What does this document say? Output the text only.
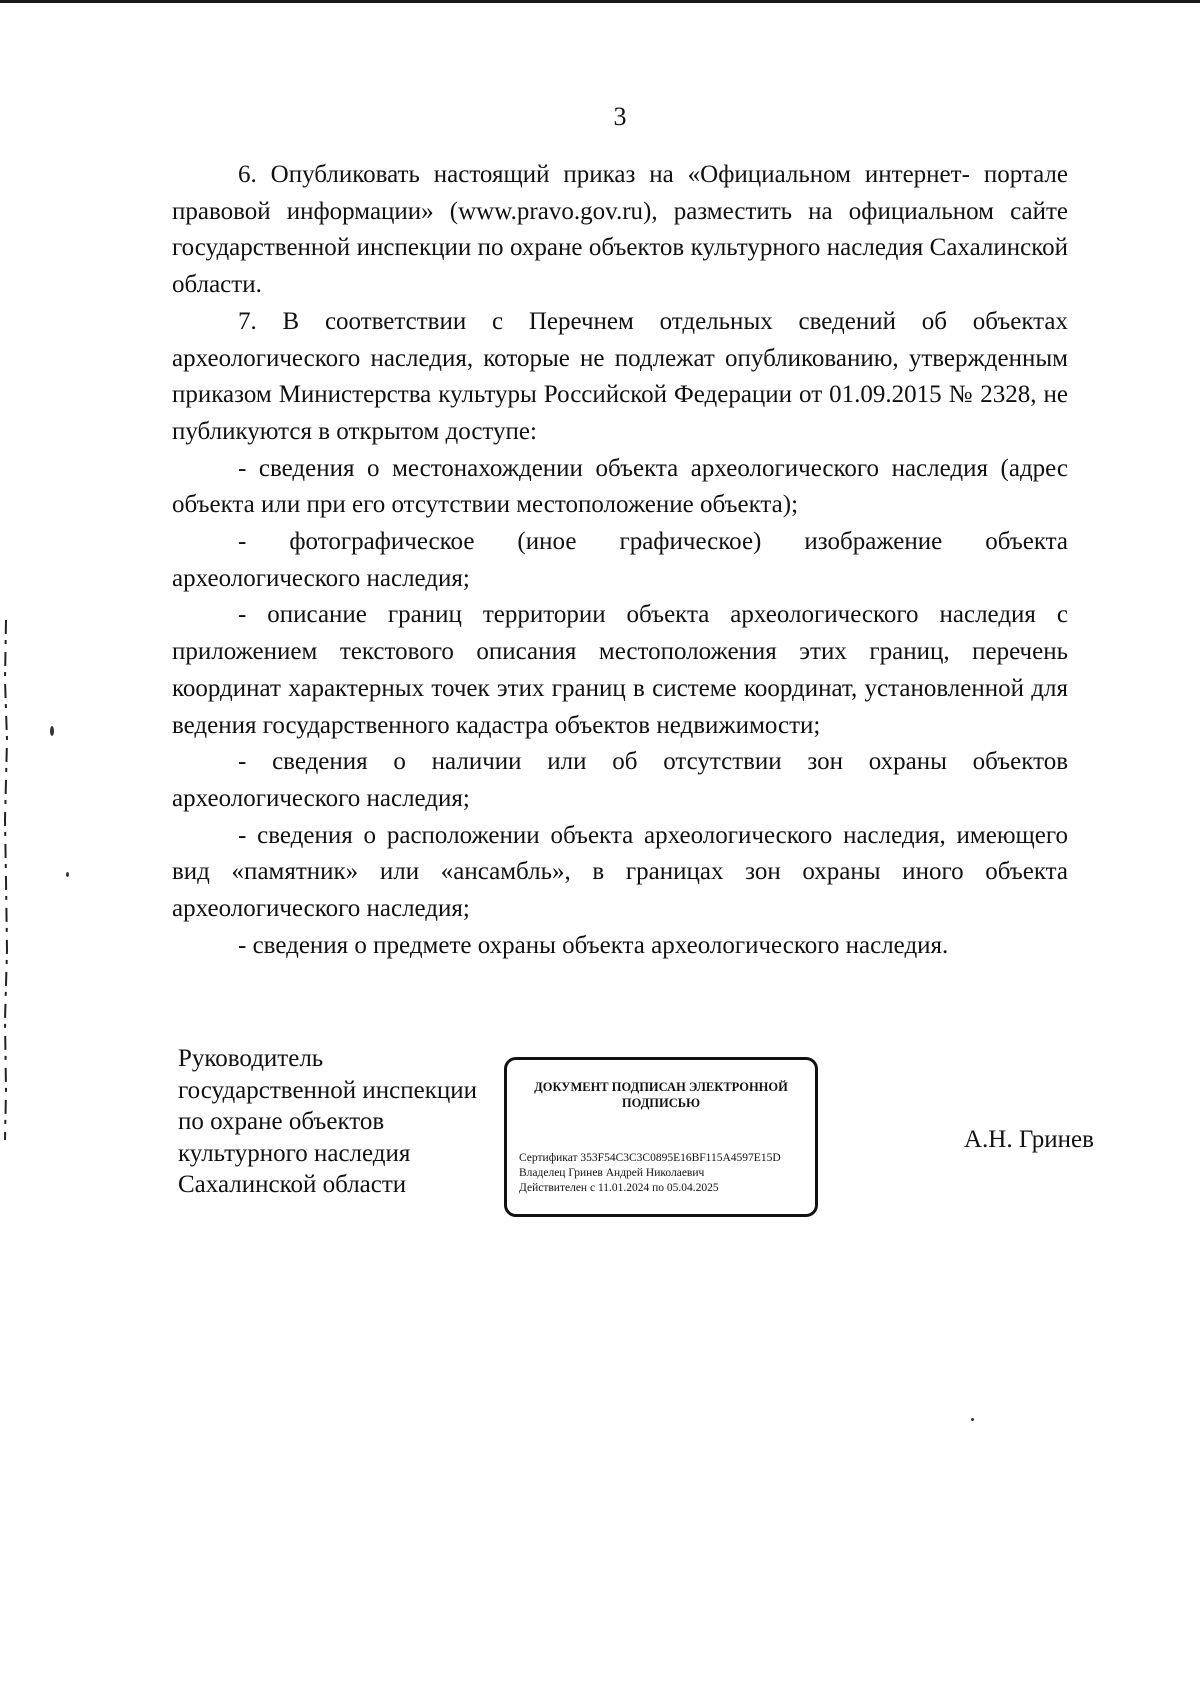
3

6. Опубликовать настоящий приказ на «Официальном интернет- портале правовой информации» (www.pravo.gov.ru), разместить на официальном сайте государственной инспекции по охране объектов культурного наследия Сахалинской области.

7. В соответствии с Перечнем отдельных сведений об объектах археологического наследия, которые не подлежат опубликованию, утвержденным приказом Министерства культуры Российской Федерации от 01.09.2015 № 2328, не публикуются в открытом доступе:

- сведения о местонахождении объекта археологического наследия (адрес объекта или при его отсутствии местоположение объекта);

- фотографическое (иное графическое) изображение объекта археологического наследия;

- описание границ территории объекта археологического наследия с приложением текстового описания местоположения этих границ, перечень координат характерных точек этих границ в системе координат, установленной для ведения государственного кадастра объектов недвижимости;

- сведения о наличии или об отсутствии зон охраны объектов археологического наследия;

- сведения о расположении объекта археологического наследия, имеющего вид «памятник» или «ансамбль», в границах зон охраны иного объекта археологического наследия;

- сведения о предмете охраны объекта археологического наследия.

Руководитель государственной инспекции по охране объектов культурного наследия Сахалинской области

ДОКУМЕНТ ПОДПИСАН ЭЛЕКТРОННОЙ ПОДПИСЬЮ
Сертификат 353F54C3C3C0895E16BF115A4597E15D
Владелец Гринев Андрей Николаевич
Действителен с 11.01.2024 по 05.04.2025
А.Н. Гринев
